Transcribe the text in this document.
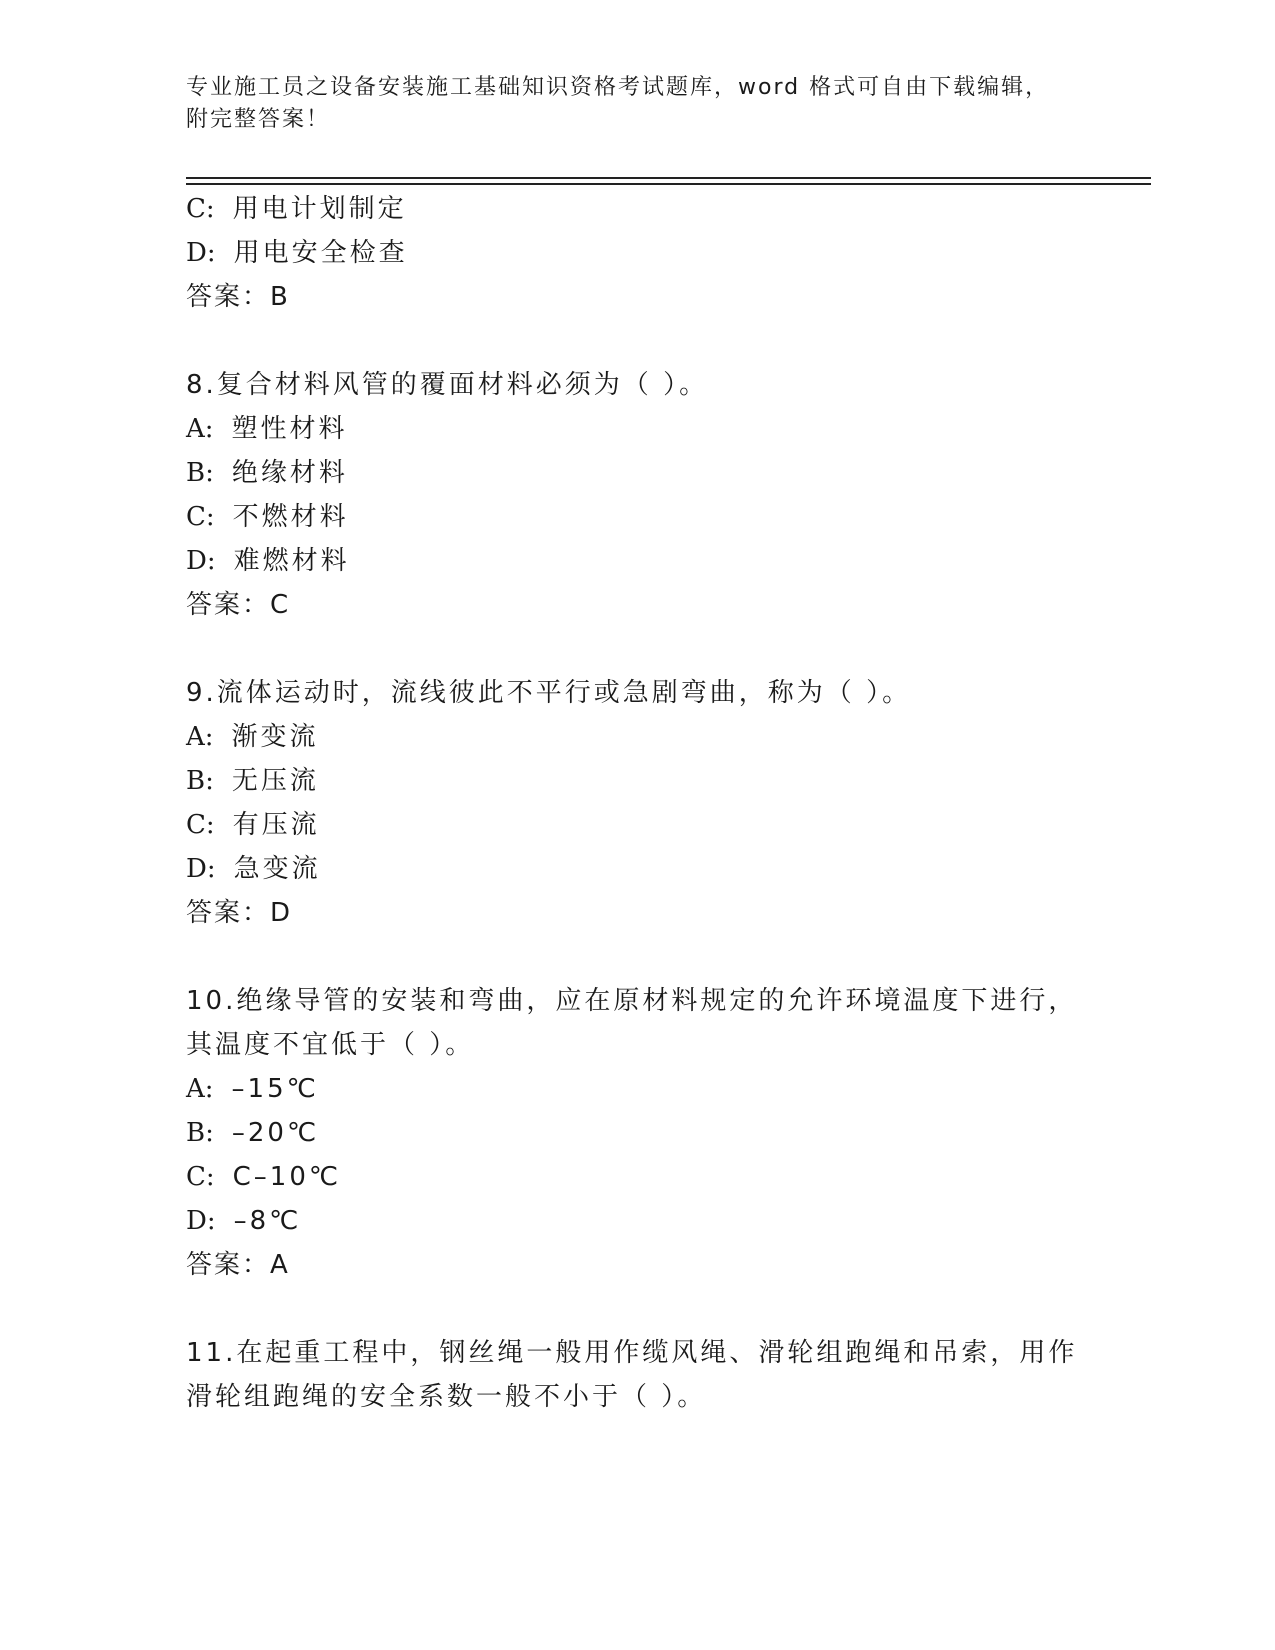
专业施工员之设备安装施工基础知识资格考试题库，word 格式可自由下载编辑，
附完整答案！
C: 用电计划制定
D: 用电安全检查
答案：B
8.复合材料风管的覆面材料必须为（ ）。
A: 塑性材料
B: 绝缘材料
C: 不燃材料
D: 难燃材料
答案：C
9.流体运动时，流线彼此不平行或急剧弯曲，称为（ ）。
A: 渐变流
B: 无压流
C: 有压流
D: 急变流
答案：D
10.绝缘导管的安装和弯曲，应在原材料规定的允许环境温度下进行，
其温度不宜低于（ ）。
A: –15℃
B: –20℃
C: C–10℃
D: –8℃
答案：A
11.在起重工程中，钢丝绳一般用作缆风绳、滑轮组跑绳和吊索，用作
滑轮组跑绳的安全系数一般不小于（ ）。
